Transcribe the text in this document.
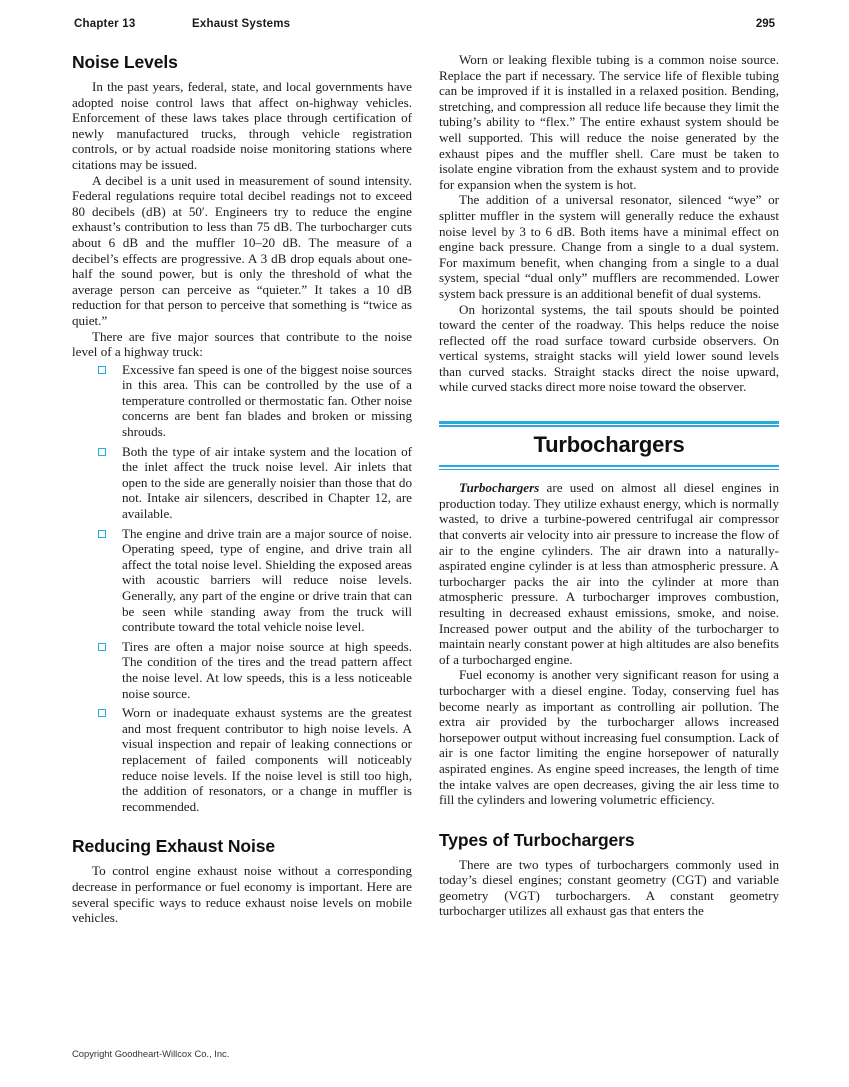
Chapter 13	Exhaust Systems	295
Noise Levels

In the past years, federal, state, and local governments have adopted noise control laws that affect on-highway vehicles. Enforcement of these laws takes place through certification of newly manufactured trucks, through vehicle registration controls, or by actual roadside noise monitoring stations where citations may be issued.

A decibel is a unit used in measurement of sound intensity. Federal regulations require total decibel readings not to exceed 80 decibels (dB) at 50′. Engineers try to reduce the engine exhaust’s contribution to less than 75 dB. The turbocharger cuts about 6 dB and the muffler 10–20 dB. The measure of a decibel’s effects are progressive. A 3 dB drop equals about one-half the sound power, but is only the threshold of what the average person can perceive as “quieter.” It takes a 10 dB reduction for that person to perceive that something is “twice as quiet.”

There are five major sources that contribute to the noise level of a highway truck:

Excessive fan speed is one of the biggest noise sources in this area. This can be controlled by the use of a temperature controlled or thermostatic fan. Other noise concerns are bent fan blades and broken or missing shrouds.
Both the type of air intake system and the location of the inlet affect the truck noise level. Air inlets that open to the side are generally noisier than those that do not. Intake air silencers, described in Chapter 12, are available.
The engine and drive train are a major source of noise. Operating speed, type of engine, and drive train all affect the total noise level. Shielding the exposed areas with acoustic barriers will reduce noise levels. Generally, any part of the engine or drive train that can be seen while standing away from the truck will contribute toward the total vehicle noise level.
Tires are often a major noise source at high speeds. The condition of the tires and the tread pattern affect the noise level. At low speeds, this is a less noticeable noise source.
Worn or inadequate exhaust systems are the greatest and most frequent contributor to high noise levels. A visual inspection and repair of leaking connections or replacement of failed components will noticeably reduce noise levels. If the noise level is still too high, the addition of resonators, or a change in muffler is recommended.
Reducing Exhaust Noise

To control engine exhaust noise without a corresponding decrease in performance or fuel economy is important. Here are several specific ways to reduce exhaust noise levels on mobile vehicles.

Worn or leaking flexible tubing is a common noise source. Replace the part if necessary. The service life of flexible tubing can be improved if it is installed in a relaxed position. Bending, stretching, and compression all reduce life because they limit the tubing’s ability to “flex.” The entire exhaust system should be well supported. This will reduce the noise generated by the exhaust pipes and the muffler shell. Care must be taken to isolate engine vibration from the exhaust system and to provide for expansion when the system is hot.

The addition of a universal resonator, silenced “wye” or splitter muffler in the system will generally reduce the exhaust noise level by 3 to 6 dB. Both items have a minimal effect on engine back pressure. Change from a single to a dual system. For maximum benefit, when changing from a single to a dual system, special “dual only” mufflers are recommended. Lower system back pressure is an additional benefit of dual systems.

On horizontal systems, the tail spouts should be pointed toward the center of the roadway. This helps reduce the noise reflected off the road surface toward curbside observers. On vertical systems, straight stacks will yield lower sound levels than curved stacks. Straight stacks direct the noise upward, while curved stacks direct more noise toward the observer.

Turbochargers

Turbochargers are used on almost all diesel engines in production today. They utilize exhaust energy, which is normally wasted, to drive a turbine-powered centrifugal air compressor that converts air velocity into air pressure to increase the flow of air to the engine cylinders. The air drawn into a naturally-aspirated engine cylinder is at less than atmospheric pressure. A turbocharger packs the air into the cylinder at more than atmospheric pressure. A turbocharger improves combustion, resulting in decreased exhaust emissions, smoke, and noise. Increased power output and the ability of the turbocharger to maintain nearly constant power at high altitudes are also benefits of a turbocharged engine.

Fuel economy is another very significant reason for using a turbocharger with a diesel engine. Today, conserving fuel has become nearly as important as controlling air pollution. The extra air provided by the turbocharger allows increased horsepower output without increasing fuel consumption. Lack of air is one factor limiting the engine horsepower of naturally aspirated engines. As engine speed increases, the length of time the intake valves are open decreases, giving the air less time to fill the cylinders and lowering volumetric efficiency.

Types of Turbochargers

There are two types of turbochargers commonly used in today’s diesel engines; constant geometry (CGT) and variable geometry (VGT) turbochargers. A constant geometry turbocharger utilizes all exhaust gas that enters the

Copyright Goodheart-Willcox Co., Inc.
